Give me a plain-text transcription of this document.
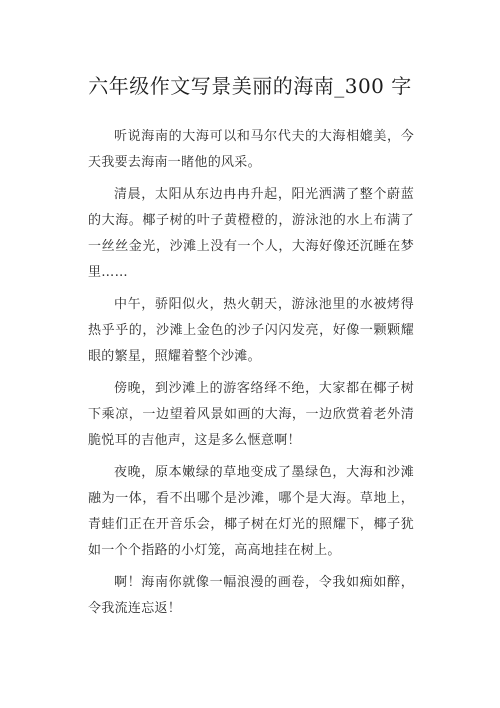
六年级作文写景美丽的海南_300 字

听说海南的大海可以和马尔代夫的大海相媲美，今天我要去海南一睹他的风采。

清晨，太阳从东边冉冉升起，阳光洒满了整个蔚蓝的大海。椰子树的叶子黄橙橙的，游泳池的水上布满了一丝丝金光，沙滩上没有一个人，大海好像还沉睡在梦里……

中午，骄阳似火，热火朝天，游泳池里的水被烤得热乎乎的，沙滩上金色的沙子闪闪发亮，好像一颗颗耀眼的繁星，照耀着整个沙滩。

傍晚，到沙滩上的游客络绎不绝，大家都在椰子树下乘凉，一边望着风景如画的大海，一边欣赏着老外清脆悦耳的吉他声，这是多么惬意啊！

夜晚，原本嫩绿的草地变成了墨绿色，大海和沙滩融为一体，看不出哪个是沙滩，哪个是大海。草地上，青蛙们正在开音乐会，椰子树在灯光的照耀下，椰子犹如一个个指路的小灯笼，高高地挂在树上。

啊！海南你就像一幅浪漫的画卷，令我如痴如醉，令我流连忘返！
